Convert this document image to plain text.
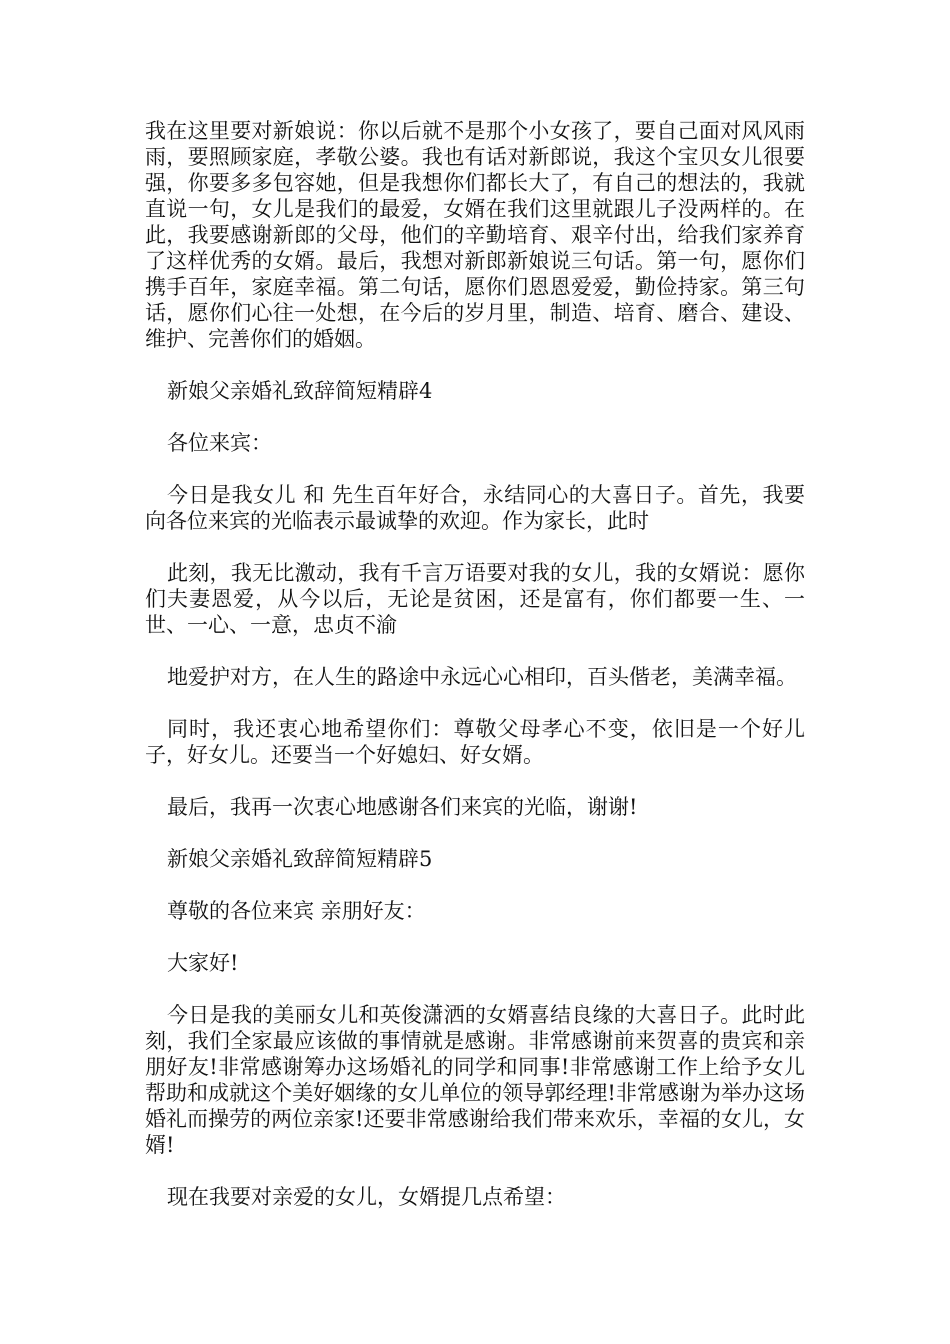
我在这里要对新娘说：你以后就不是那个小女孩了，要自己面对风风雨雨，要照顾家庭，孝敬公婆。我也有话对新郎说，我这个宝贝女儿很要强，你要多多包容她，但是我想你们都长大了，有自己的想法的，我就直说一句，女儿是我们的最爱，女婿在我们这里就跟儿子没两样的。在此，我要感谢新郎的父母，他们的辛勤培育、艰辛付出，给我们家养育了这样优秀的女婿。最后，我想对新郎新娘说三句话。第一句，愿你们携手百年，家庭幸福。第二句话，愿你们恩恩爱爱，勤俭持家。第三句话，愿你们心往一处想，在今后的岁月里，制造、培育、磨合、建设、维护、完善你们的婚姻。

新娘父亲婚礼致辞简短精辟4

各位来宾：

今日是我女儿 和 先生百年好合，永结同心的大喜日子。首先，我要向各位来宾的光临表示最诚挚的欢迎。作为家长，此时

此刻，我无比激动，我有千言万语要对我的女儿，我的女婿说：愿你们夫妻恩爱，从今以后，无论是贫困，还是富有，你们都要一生、一世、一心、一意，忠贞不渝

地爱护对方，在人生的路途中永远心心相印，百头偕老，美满幸福。

同时，我还衷心地希望你们：尊敬父母孝心不变，依旧是一个好儿子，好女儿。还要当一个好媳妇、好女婿。

最后，我再一次衷心地感谢各们来宾的光临，谢谢!

新娘父亲婚礼致辞简短精辟5

尊敬的各位来宾 亲朋好友：

大家好!

今日是我的美丽女儿和英俊潇洒的女婿喜结良缘的大喜日子。此时此刻，我们全家最应该做的事情就是感谢。非常感谢前来贺喜的贵宾和亲朋好友!非常感谢筹办这场婚礼的同学和同事!非常感谢工作上给予女儿帮助和成就这个美好姻缘的女儿单位的领导郭经理!非常感谢为举办这场婚礼而操劳的两位亲家!还要非常感谢给我们带来欢乐，幸福的女儿，女婿!

现在我要对亲爱的女儿，女婿提几点希望：
